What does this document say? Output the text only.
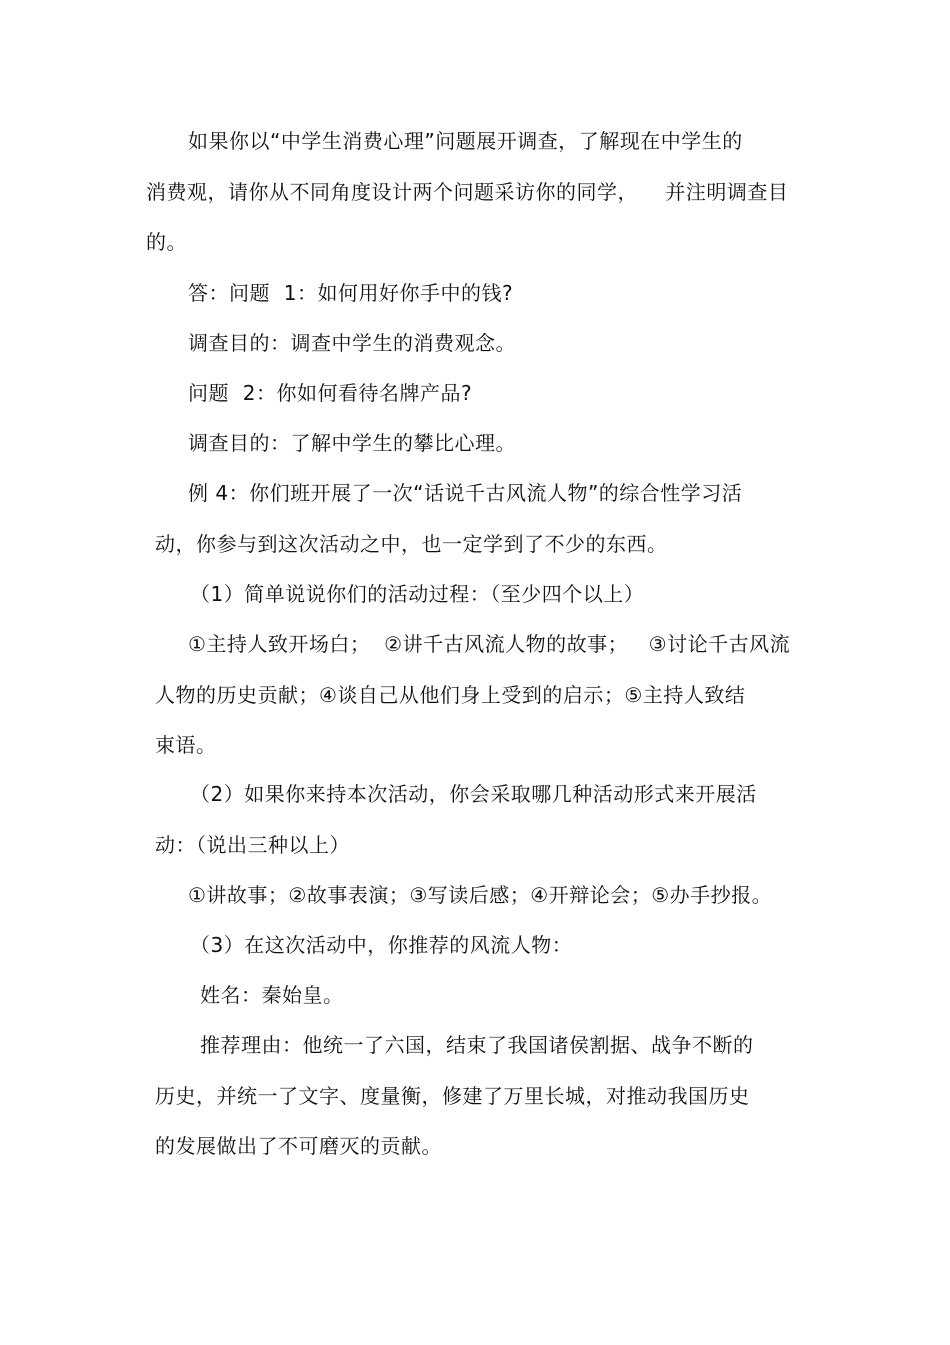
如果你以“中学生消费心理”问题展开调查，了解现在中学生的
消费观，请你从不同角度设计两个问题采访你的同学，    并注明调查目
的。
答：问题  1：如何用好你手中的钱?
调查目的：调查中学生的消费观念。
问题  2：你如何看待名牌产品?
调查目的：了解中学生的攀比心理。
例 4：你们班开展了一次“话说千古风流人物”的综合性学习活
动，你参与到这次活动之中，也一定学到了不少的东西。
（1）简单说说你们的活动过程：（至少四个以上）
①主持人致开场白；  ②讲千古风流人物的故事；   ③讨论千古风流
人物的历史贡献；④谈自己从他们身上受到的启示；⑤主持人致结
束语。
（2）如果你来持本次活动，你会采取哪几种活动形式来开展活
动：（说出三种以上）
①讲故事；②故事表演；③写读后感；④开辩论会；⑤办手抄报。
（3）在这次活动中，你推荐的风流人物：
姓名：秦始皇。
推荐理由：他统一了六国，结束了我国诸侯割据、战争不断的
历史，并统一了文字、度量衡，修建了万里长城，对推动我国历史
的发展做出了不可磨灭的贡献。
